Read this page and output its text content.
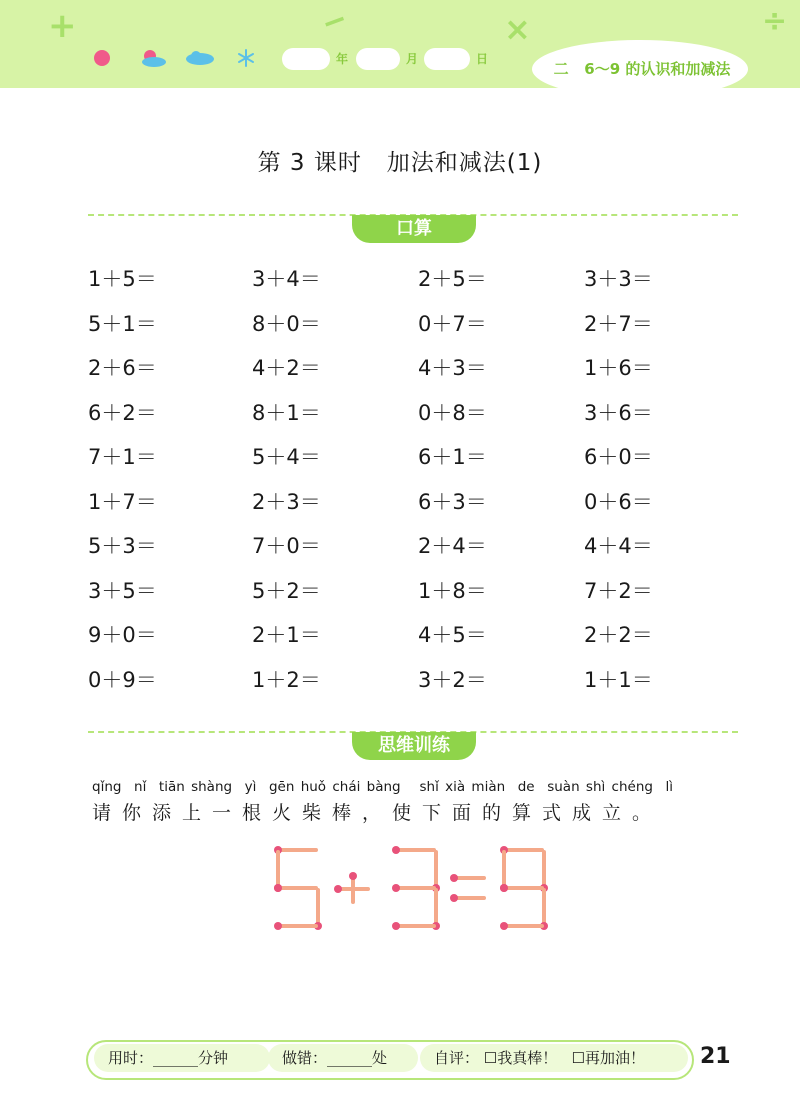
+	−	×	÷
年	月	日
二 6～9 的认识和加减法
第 3 课时   加法和减法(1)
口算
1＋5＝	3＋4＝	2＋5＝	3＋3＝
5＋1＝	8＋0＝	0＋7＝	2＋7＝
2＋6＝	4＋2＝	4＋3＝	1＋6＝
6＋2＝	8＋1＝	0＋8＝	3＋6＝
7＋1＝	5＋4＝	6＋1＝	6＋0＝
1＋7＝	2＋3＝	6＋3＝	0＋6＝
5＋3＝	7＋0＝	2＋4＝	4＋4＝
3＋5＝	5＋2＝	1＋8＝	7＋2＝
9＋0＝	2＋1＝	4＋5＝	2＋2＝
0＋9＝	1＋2＝	3＋2＝	1＋1＝
思维训练
qǐng  nǐ  tiān shàng  yì  gēn huǒ chái bàng   shǐ xià miàn  de  suàn shì chéng  lì
请你添上一根火柴棒，使下面的算式成立。
用时：______分钟	做错：______处	自评： ☐我真棒！ ☐再加油！	21
